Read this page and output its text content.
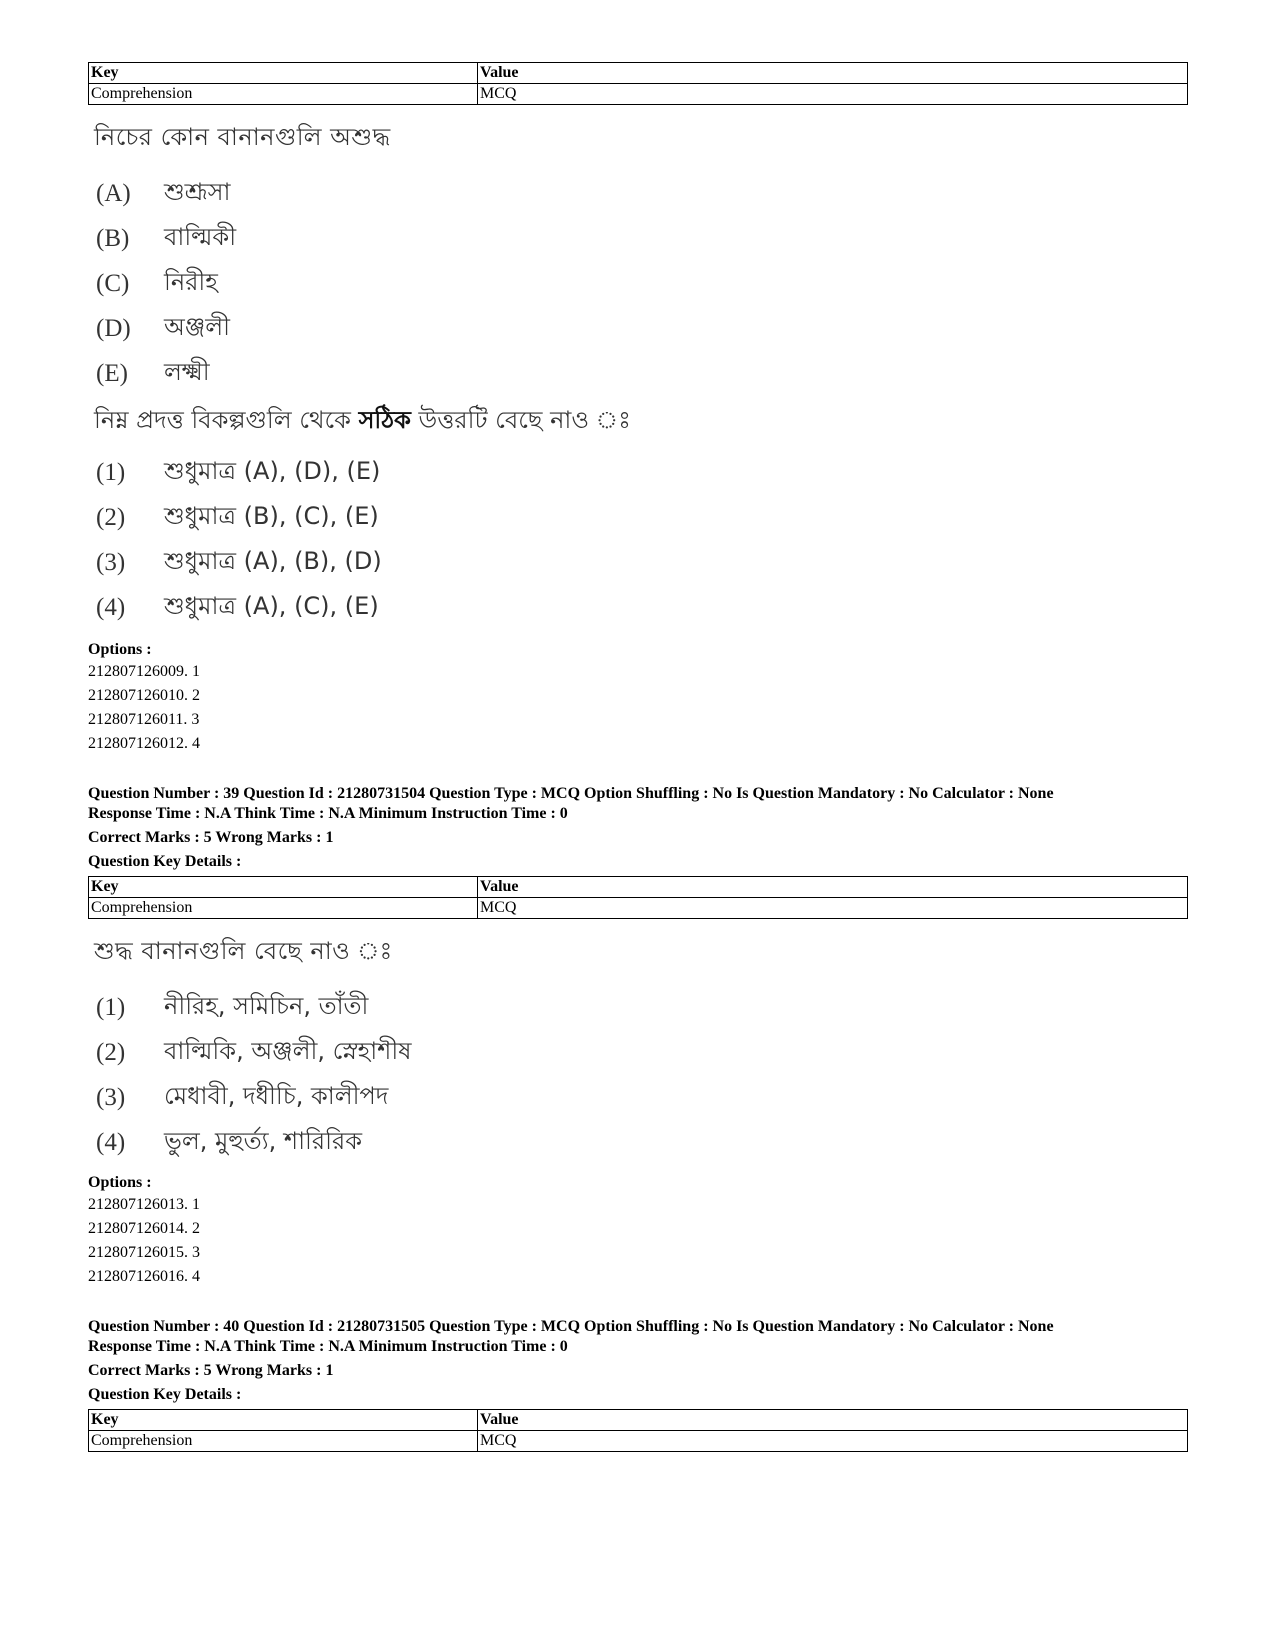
Key	Value
Comprehension	MCQ
নিচের কোন বানানগুলি অশুদ্ধ
(A)	শুশ্রূসা
(B)	বাল্মিকী
(C)	নিরীহ
(D)	অঞ্জলী
(E)	লক্ষ্মী
নিম্ন প্রদত্ত বিকল্পগুলি থেকে সঠিক উত্তরটি বেছে নাও ঃ
(1)	শুধুমাত্র (A), (D), (E)
(2)	শুধুমাত্র (B), (C), (E)
(3)	শুধুমাত্র (A), (B), (D)
(4)	শুধুমাত্র (A), (C), (E)
Options :
212807126009. 1
212807126010. 2
212807126011. 3
212807126012. 4
Question Number : 39 Question Id : 21280731504 Question Type : MCQ Option Shuffling : No Is Question Mandatory : No Calculator : None
Response Time : N.A Think Time : N.A Minimum Instruction Time : 0
Correct Marks : 5 Wrong Marks : 1
Question Key Details :
Key	Value
Comprehension	MCQ
শুদ্ধ বানানগুলি বেছে নাও ঃ
(1)	নীরিহ, সমিচিন, তাঁতী
(2)	বাল্মিকি, অঞ্জলী, স্নেহাশীষ
(3)	মেধাবী, দধীচি, কালীপদ
(4)	ভুল, মুহুর্ত্য, শারিরিক
Options :
212807126013. 1
212807126014. 2
212807126015. 3
212807126016. 4
Question Number : 40 Question Id : 21280731505 Question Type : MCQ Option Shuffling : No Is Question Mandatory : No Calculator : None
Response Time : N.A Think Time : N.A Minimum Instruction Time : 0
Correct Marks : 5 Wrong Marks : 1
Question Key Details :
Key	Value
Comprehension	MCQ
